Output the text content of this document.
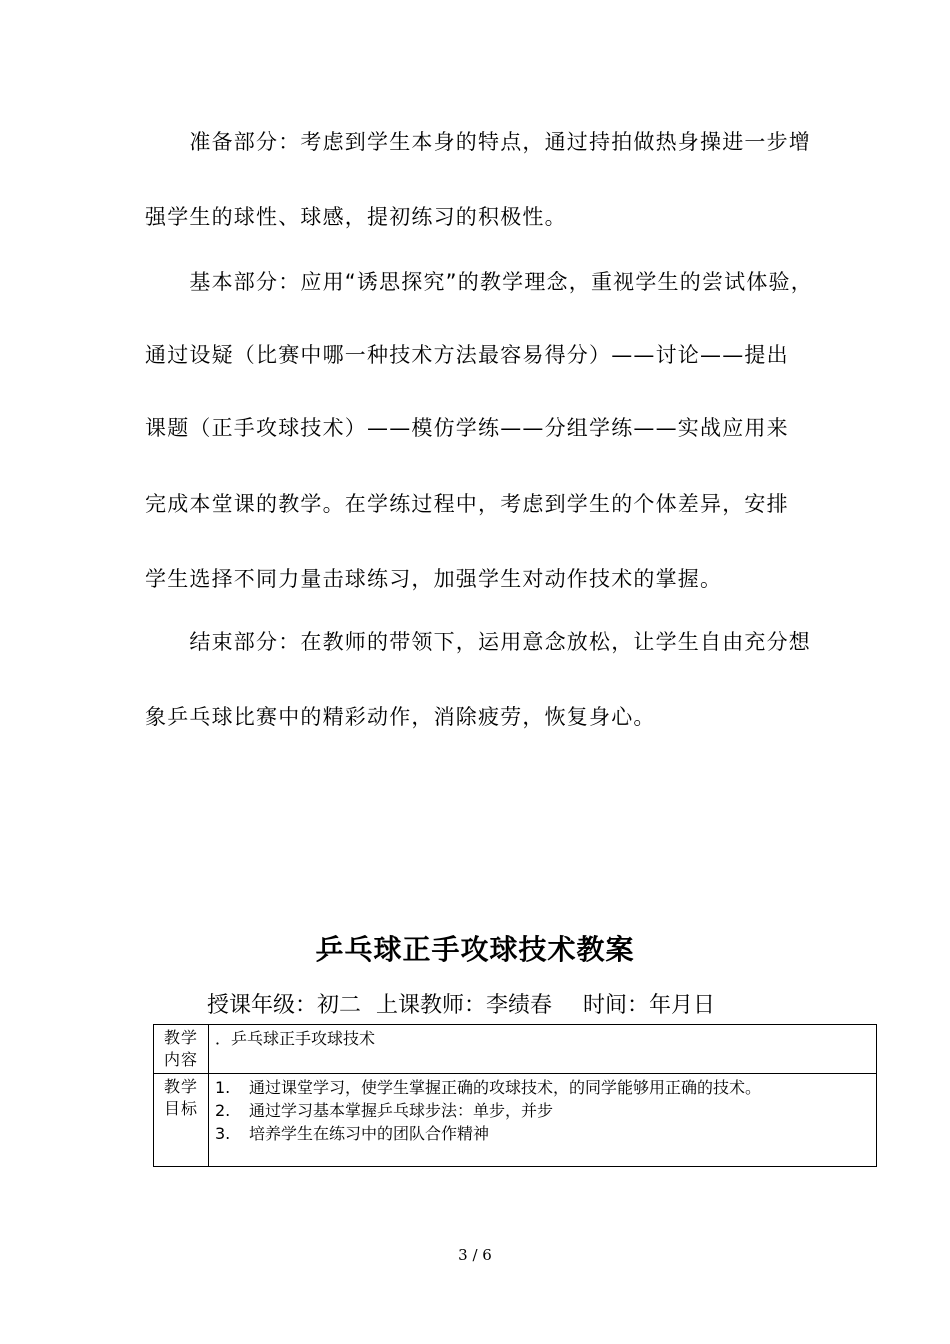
　　准备部分：考虑到学生本身的特点，通过持拍做热身操进一步增
强学生的球性、球感，提初练习的积极性。
　　基本部分：应用“诱思探究”的教学理念，重视学生的尝试体验，
通过设疑（比赛中哪一种技术方法最容易得分）——讨论——提出
课题（正手攻球技术）——模仿学练——分组学练——实战应用来
完成本堂课的教学。在学练过程中，考虑到学生的个体差异，安排
学生选择不同力量击球练习，加强学生对动作技术的掌握。
　　结束部分：在教师的带领下，运用意念放松，让学生自由充分想
象乒乓球比赛中的精彩动作，消除疲劳，恢复身心。
乒乓球正手攻球技术教案
授课年级：初二 上课教师：李绩春 时间：年月日
教学
内容	．乒乓球正手攻球技术

教学
目标	1. 通过课堂学习，使学生掌握正确的攻球技术，的同学能够用正确的技术。
2. 通过学习基本掌握乒乓球步法：单步，并步
3. 培养学生在练习中的团队合作精神
3 / 6
